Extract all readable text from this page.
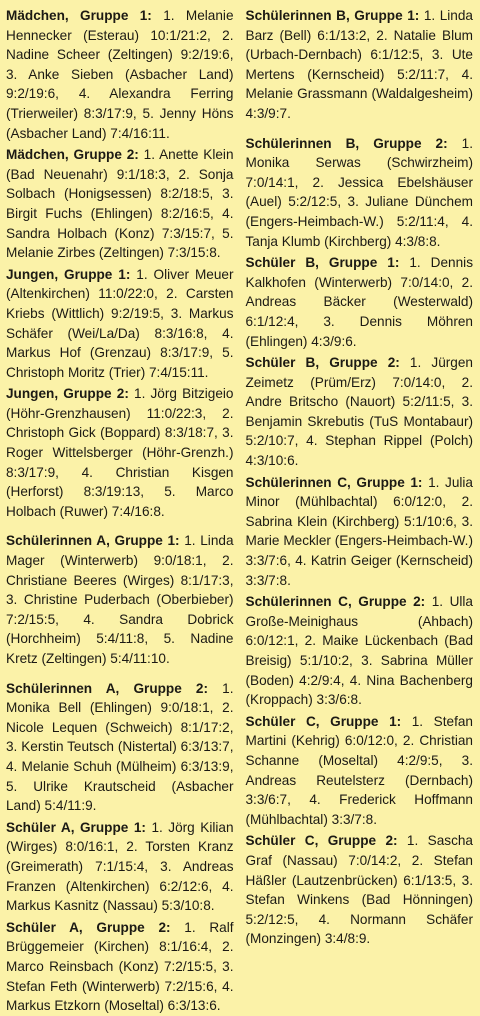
Mädchen, Gruppe 1: 1. Melanie Hennecker (Esterau) 10:1/21:2, 2. Nadine Scheer (Zeltingen) 9:2/19:6, 3. Anke Sieben (Asbacher Land) 9:2/19:6, 4. Alexandra Ferring (Trierweiler) 8:3/17:9, 5. Jenny Höns (Asbacher Land) 7:4/16:11.

Mädchen, Gruppe 2: 1. Anette Klein (Bad Neuenahr) 9:1/18:3, 2. Sonja Solbach (Honigsessen) 8:2/18:5, 3. Birgit Fuchs (Ehlingen) 8:2/16:5, 4. Sandra Holbach (Konz) 7:3/15:7, 5. Melanie Zirbes (Zeltingen) 7:3/15:8.

Jungen, Gruppe 1: 1. Oliver Meuer (Altenkirchen) 11:0/22:0, 2. Carsten Kriebs (Wittlich) 9:2/19:5, 3. Markus Schäfer (Wei/La/Da) 8:3/16:8, 4. Markus Hof (Grenzau) 8:3/17:9, 5. Christoph Moritz (Trier) 7:4/15:11.

Jungen, Gruppe 2: 1. Jörg Bitzigeio (Höhr-Grenzhausen) 11:0/22:3, 2. Christoph Gick (Boppard) 8:3/18:7, 3. Roger Wittelsberger (Höhr-Grenzh.) 8:3/17:9, 4. Christian Kisgen (Herforst) 8:3/19:13, 5. Marco Holbach (Ruwer) 7:4/16:8.

Schülerinnen A, Gruppe 1: 1. Linda Mager (Winterwerb) 9:0/18:1, 2. Christiane Beeres (Wirges) 8:1/17:3, 3. Christine Puderbach (Oberbieber) 7:2/15:5, 4. Sandra Dobrick (Horchheim) 5:4/11:8, 5. Nadine Kretz (Zeltingen) 5:4/11:10.

Schülerinnen A, Gruppe 2: 1. Monika Bell (Ehlingen) 9:0/18:1, 2. Nicole Lequen (Schweich) 8:1/17:2, 3. Kerstin Teutsch (Nistertal) 6:3/13:7, 4. Melanie Schuh (Mülheim) 6:3/13:9, 5. Ulrike Krautscheid (Asbacher Land) 5:4/11:9.

Schüler A, Gruppe 1: 1. Jörg Kilian (Wirges) 8:0/16:1, 2. Torsten Kranz (Greimerath) 7:1/15:4, 3. Andreas Franzen (Altenkirchen) 6:2/12:6, 4. Markus Kasnitz (Nassau) 5:3/10:8.

Schüler A, Gruppe 2: 1. Ralf Brüggemeier (Kirchen) 8:1/16:4, 2. Marco Reinsbach (Konz) 7:2/15:5, 3. Stefan Feth (Winterwerb) 7:2/15:6, 4. Markus Etzkorn (Moseltal) 6:3/13:6.

Schülerinnen B, Gruppe 1: 1. Linda Barz (Bell) 6:1/13:2, 2. Natalie Blum (Urbach-Dernbach) 6:1/12:5, 3. Ute Mertens (Kernscheid) 5:2/11:7, 4. Melanie Grassmann (Waldalgesheim) 4:3/9:7.

Schülerinnen B, Gruppe 2: 1. Monika Serwas (Schwirzheim) 7:0/14:1, 2. Jessica Ebelshäuser (Auel) 5:2/12:5, 3. Juliane Dünchem (Engers-Heimbach-W.) 5:2/11:4, 4. Tanja Klumb (Kirchberg) 4:3/8:8.

Schüler B, Gruppe 1: 1. Dennis Kalkhofen (Winterwerb) 7:0/14:0, 2. Andreas Bäcker (Westerwald) 6:1/12:4, 3. Dennis Möhren (Ehlingen) 4:3/9:6.

Schüler B, Gruppe 2: 1. Jürgen Zeimetz (Prüm/Erz) 7:0/14:0, 2. Andre Britscho (Nauort) 5:2/11:5, 3. Benjamin Skrebutis (TuS Montabaur) 5:2/10:7, 4. Stephan Rippel (Polch) 4:3/10:6.

Schülerinnen C, Gruppe 1: 1. Julia Minor (Mühlbachtal) 6:0/12:0, 2. Sabrina Klein (Kirchberg) 5:1/10:6, 3. Marie Meckler (Engers-Heimbach-W.) 3:3/7:6, 4. Katrin Geiger (Kernscheid) 3:3/7:8.

Schülerinnen C, Gruppe 2: 1. Ulla Große-Meinighaus (Ahbach) 6:0/12:1, 2. Maike Lückenbach (Bad Breisig) 5:1/10:2, 3. Sabrina Müller (Boden) 4:2/9:4, 4. Nina Bachenberg (Kroppach) 3:3/6:8.

Schüler C, Gruppe 1: 1. Stefan Martini (Kehrig) 6:0/12:0, 2. Christian Schanne (Moseltal) 4:2/9:5, 3. Andreas Reutelsterz (Dernbach) 3:3/6:7, 4. Frederick Hoffmann (Mühlbachtal) 3:3/7:8.

Schüler C, Gruppe 2: 1. Sascha Graf (Nassau) 7:0/14:2, 2. Stefan Häßler (Lautzenbrücken) 6:1/13:5, 3. Stefan Winkens (Bad Hönningen) 5:2/12:5, 4. Normann Schäfer (Monzingen) 3:4/8:9.
